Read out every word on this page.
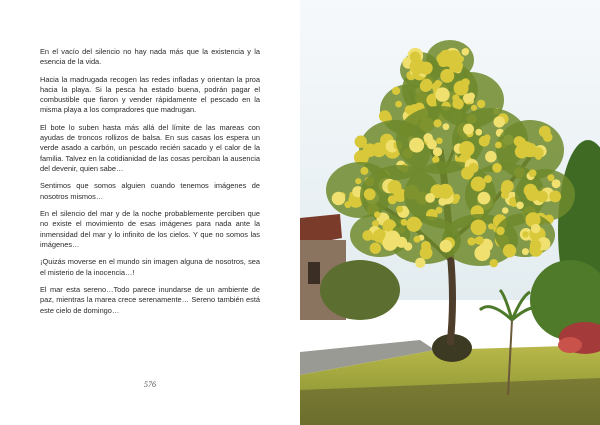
En el vacío del silencio no hay nada más que la existencia y la esencia de la vida.

Hacia la madrugada recogen las redes infladas y orientan la proa hacia la playa. Si la pesca ha estado buena, podrán pagar el combustible que fiaron y vender rápidamente el pescado en la misma playa a los compradores que madrugan.

El bote lo suben hasta más allá del límite de las mareas con ayudas de troncos rollizos de balsa. En sus casas los espera un verde asado a carbón, un pescado recién sacado y el calor de la familia. Talvez en la cotidianidad de las cosas perciban la ausencia del devenir, quien sabe…

Sentimos que somos alguien cuando tenemos imágenes de nosotros mismos…

En el silencio del mar y de la noche probablemente perciben que no existe el movimiento de esas imágenes para nada ante la inmensidad del mar y lo infinito de los cielos. Y que no somos las imágenes…

¡Quizás moverse en el mundo sin imagen alguna de nosotros, sea el misterio de la inocencia…!

El mar esta sereno…Todo parece inundarse de un ambiente de paz, mientras la marea crece serenamente… Sereno también está este cielo de domingo…

576
